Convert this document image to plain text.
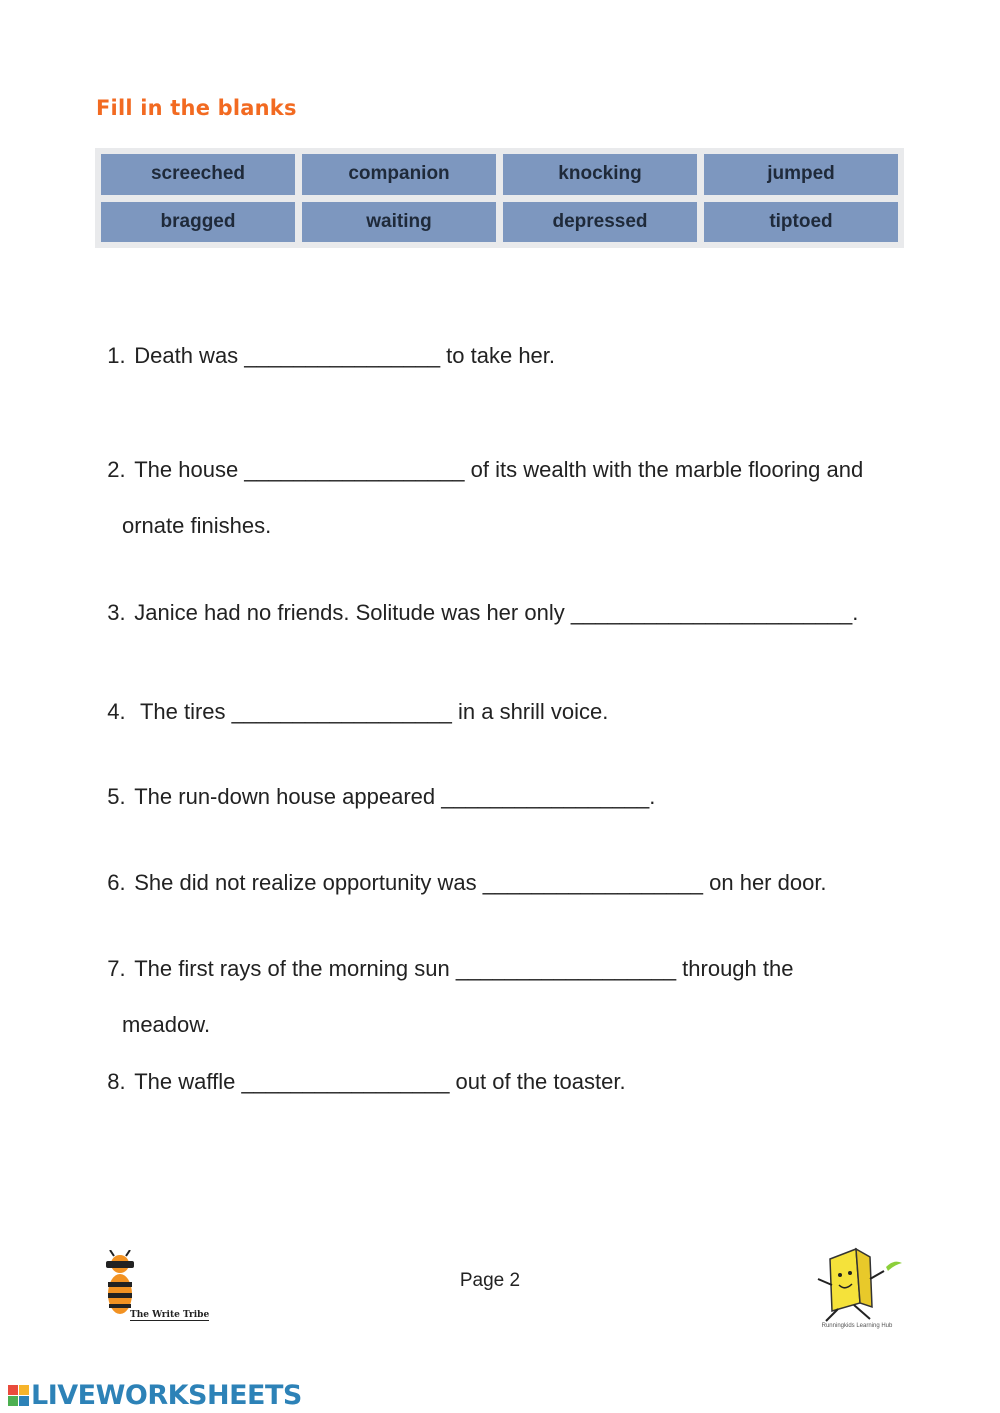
Fill in the blanks
screeched	companion	knocking	jumped
bragged	waiting	depressed	tiptoed

1. Death was ________________ to take her.

2. The house __________________ of its wealth with the marble flooring and

ornate finishes.

3. Janice had no friends. Solitude was her only _______________________.

4. The tires __________________ in a shrill voice.

5. The run-down house appeared _________________.

6. She did not realize opportunity was __________________ on her door.

7. The first rays of the morning sun __________________ through the

meadow.

8. The waffle _________________ out of the toaster.

The Write Tribe
Page 2
Runningkids Learning Hub
LIVEWORKSHEETS
